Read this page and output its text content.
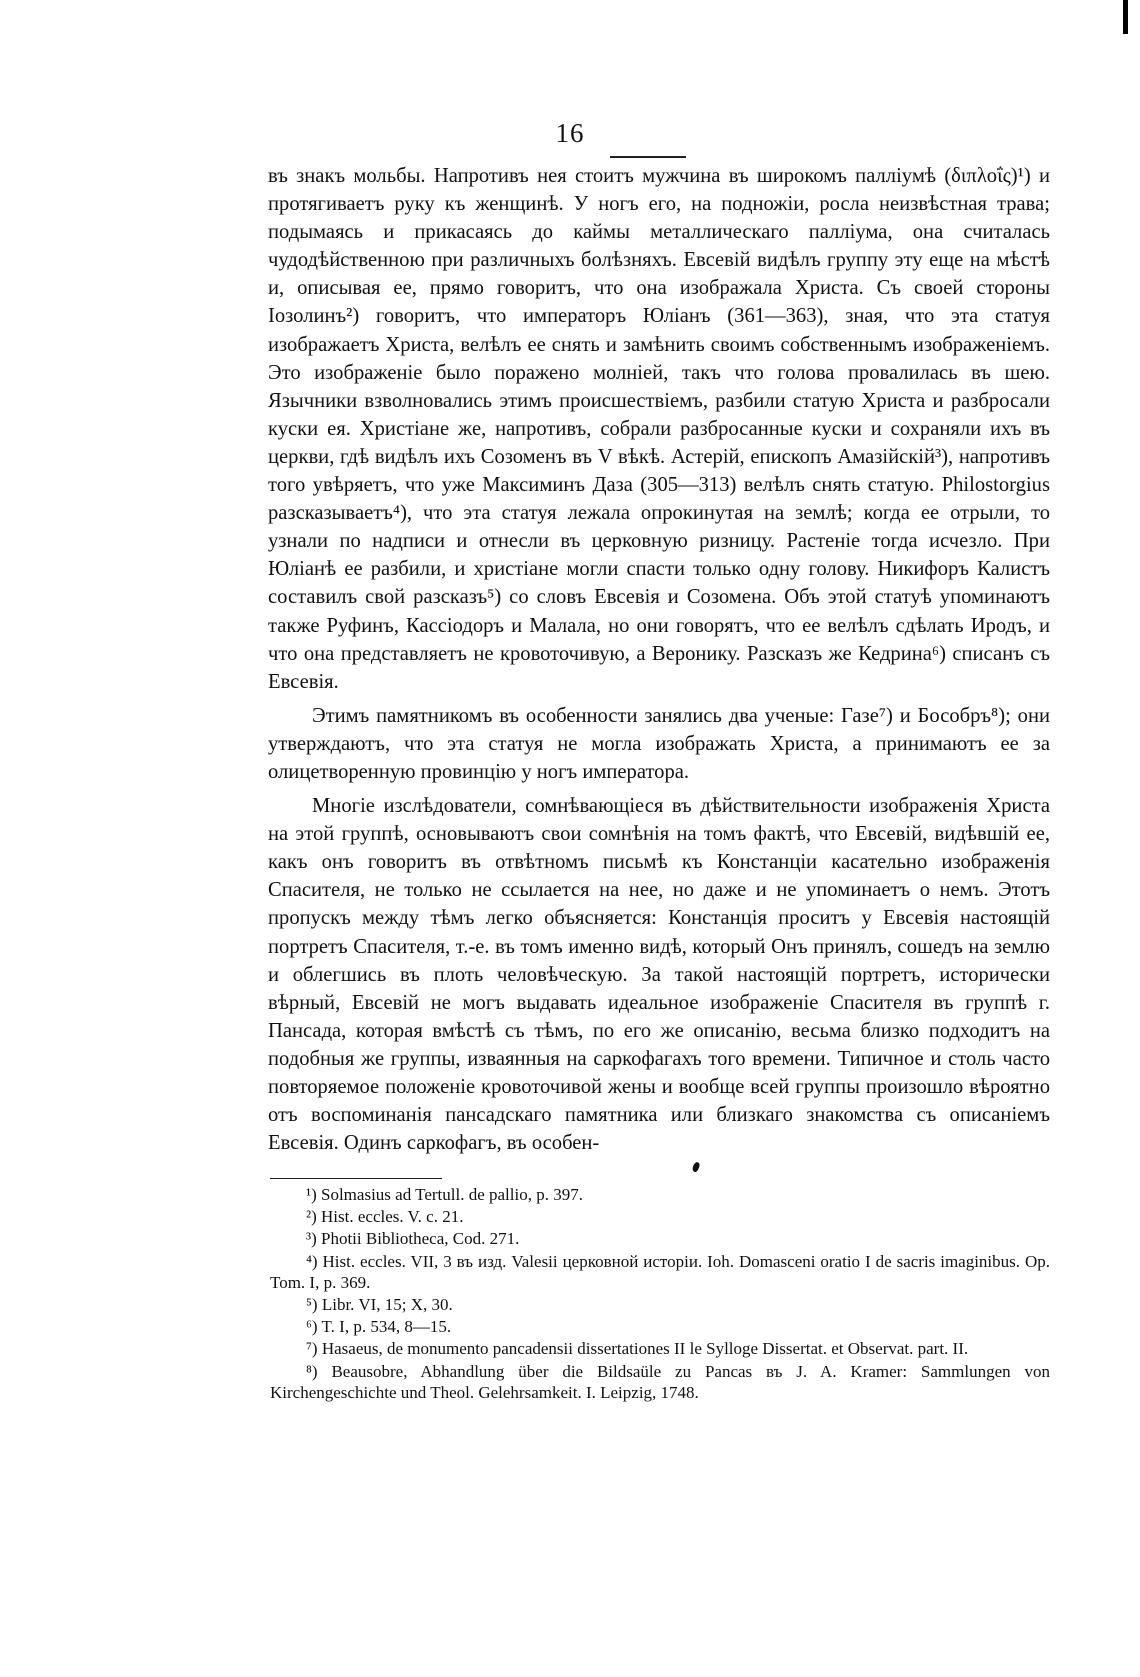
16

въ знакъ мольбы. Напротивъ нея стоитъ мужчина въ широкомъ палліумѣ (διπλοΐς)¹) и протягиваетъ руку къ женщинѣ. У ногъ его, на подножіи, росла неизвѣстная трава; подымаясь и прикасаясь до каймы металлическаго палліума, она считалась чудодѣйственною при различныхъ болѣзняхъ. Евсевій видѣлъ группу эту еще на мѣстѣ и, описывая ее, прямо говоритъ, что она изображала Христа. Съ своей стороны Іозолинъ²) говоритъ, что императоръ Юліанъ (361—363), зная, что эта статуя изображаетъ Христа, велѣлъ ее снять и замѣнить своимъ собственнымъ изображеніемъ. Это изображеніе было поражено молніей, такъ что голова провалилась въ шею. Язычники взволновались этимъ происшествіемъ, разбили статую Христа и разбросали куски ея. Христіане же, напротивъ, собрали разбросанные куски и сохраняли ихъ въ церкви, гдѣ видѣлъ ихъ Созоменъ въ V вѣкѣ. Астерій, епископъ Амазійскій³), напротивъ того увѣряетъ, что уже Максиминъ Даза (305—313) велѣлъ снять статую. Philostorgius разсказываетъ⁴), что эта статуя лежала опрокинутая на землѣ; когда ее отрыли, то узнали по надписи и отнесли въ церковную ризницу. Растеніе тогда исчезло. При Юліанѣ ее разбили, и христіане могли спасти только одну голову. Никифоръ Калистъ составилъ свой разсказъ⁵) со словъ Евсевія и Созомена. Объ этой статуѣ упоминаютъ также Руфинъ, Кассіодоръ и Малала, но они говорятъ, что ее велѣлъ сдѣлать Иродъ, и что она представляетъ не кровоточивую, а Веронику. Разсказъ же Кедрина⁶) списанъ съ Евсевія.

Этимъ памятникомъ въ особенности занялись два ученые: Газе⁷) и Бособръ⁸); они утверждаютъ, что эта статуя не могла изображать Христа, а принимаютъ ее за олицетворенную провинцію у ногъ императора.

Многіе изслѣдователи, сомнѣвающіеся въ дѣйствительности изображенія Христа на этой группѣ, основываютъ свои сомнѣнія на томъ фактѣ, что Евсевій, видѣвшій ее, какъ онъ говоритъ въ отвѣтномъ письмѣ къ Констанціи касательно изображенія Спасителя, не только не ссылается на нее, но даже и не упоминаетъ о немъ. Этотъ пропускъ между тѣмъ легко объясняется: Констанція проситъ у Евсевія настоящій портретъ Спасителя, т.-е. въ томъ именно видѣ, который Онъ принялъ, сошедъ на землю и облегшись въ плоть человѣческую. За такой настоящій портретъ, исторически вѣрный, Евсевій не могъ выдавать идеальное изображеніе Спасителя въ группѣ г. Пансада, которая вмѣстѣ съ тѣмъ, по его же описанію, весьма близко подходитъ на подобныя же группы, изваянныя на саркофагахъ того времени. Типичное и столь часто повторяемое положеніе кровоточивой жены и вообще всей группы произошло вѣроятно отъ воспоминанія пансадскаго памятника или близкаго знакомства съ описаніемъ Евсевія. Одинъ саркофагъ, въ особен-

¹) Solmasius ad Tertull. de pallio, p. 397.
²) Hist. eccles. V. c. 21.
³) Photii Bibliotheca, Cod. 271.
⁴) Hist. eccles. VII, 3 въ изд. Valesii церковной исторіи. Ioh. Domasceni oratio I de sacris imaginibus. Op. Tom. I, p. 369.
⁵) Libr. VI, 15; X, 30.
⁶) T. I, p. 534, 8—15.
⁷) Hasaeus, de monumento pancadensii dissertationes II le Sylloge Dissertat. et Observat. part. II.
⁸) Beausobre, Abhandlung über die Bildsaüle zu Pancas въ J. A. Kramer: Sammlungen von Kirchengeschichte und Theol. Gelehrsamkeit. I. Leipzig, 1748.
